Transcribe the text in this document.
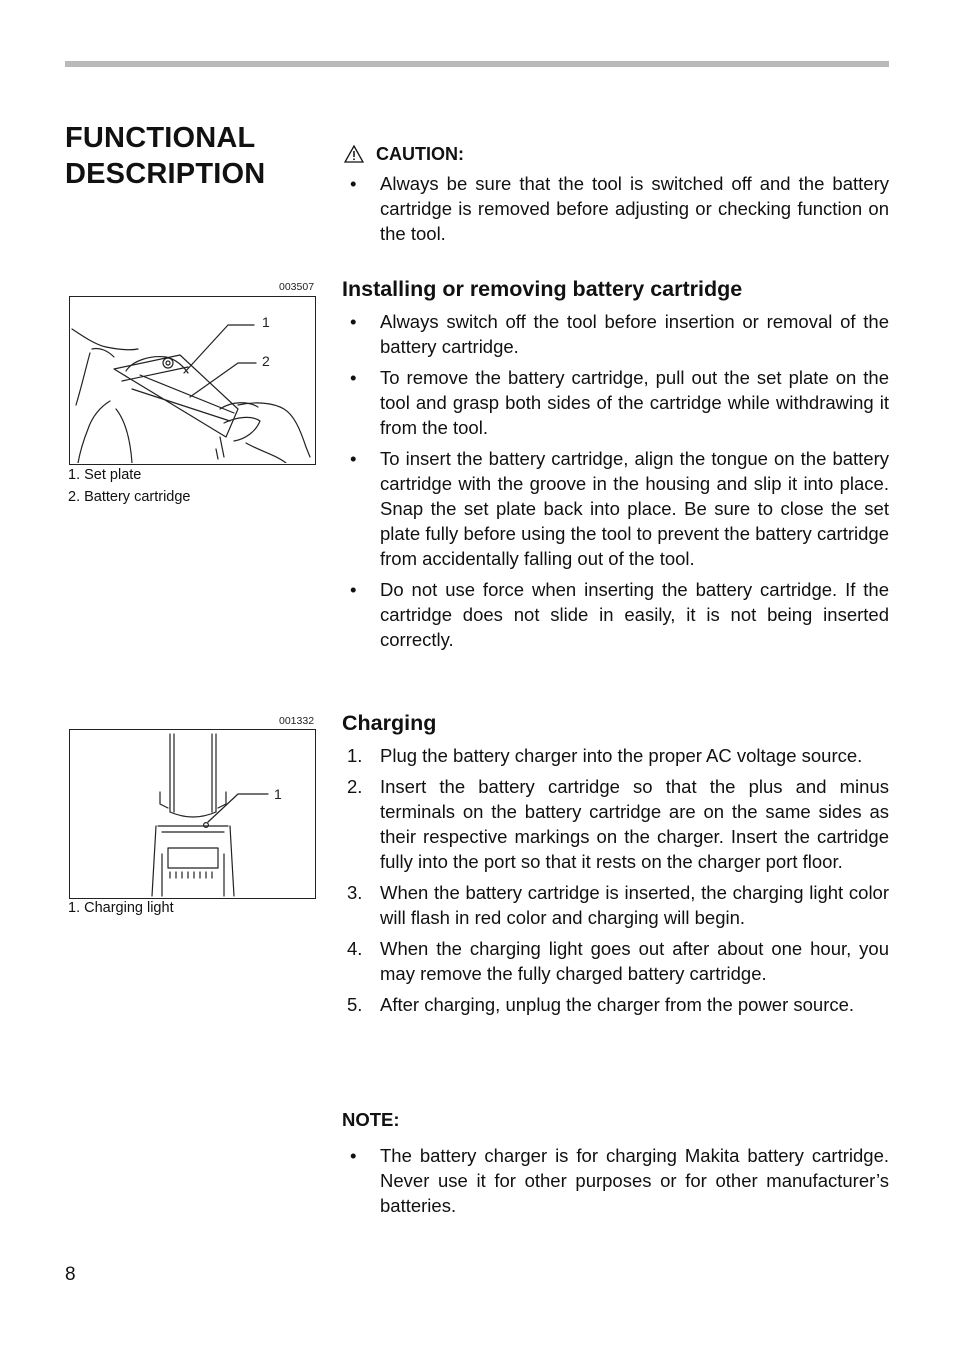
FUNCTIONAL
DESCRIPTION
CAUTION:
• Always be sure that the tool is switched off and the battery cartridge is removed before adjusting or checking function on the tool.
Installing or removing battery cartridge
• Always switch off the tool before insertion or removal of the battery cartridge.
• To remove the battery cartridge, pull out the set plate on the tool and grasp both sides of the cartridge while withdrawing it from the tool.
• To insert the battery cartridge, align the tongue on the battery cartridge with the groove in the housing and slip it into place. Snap the set plate back into place. Be sure to close the set plate fully before using the tool to prevent the battery cartridge from accidentally falling out of the tool.
• Do not use force when inserting the battery cartridge. If the cartridge does not slide in easily, it is not being inserted correctly.
Charging
1. Plug the battery charger into the proper AC voltage source.
2. Insert the battery cartridge so that the plus and minus terminals on the battery cartridge are on the same sides as their respective markings on the charger. Insert the cartridge fully into the port so that it rests on the charger port floor.
3. When the battery cartridge is inserted, the charging light color will flash in red color and charging will begin.
4. When the charging light goes out after about one hour, you may remove the fully charged battery cartridge.
5. After charging, unplug the charger from the power source.
NOTE:
• The battery charger is for charging Makita battery cartridge. Never use it for other purposes or for other manufacturer’s batteries.
003507
1
2
1. Set plate
2. Battery cartridge
001332
1
1. Charging light
8
